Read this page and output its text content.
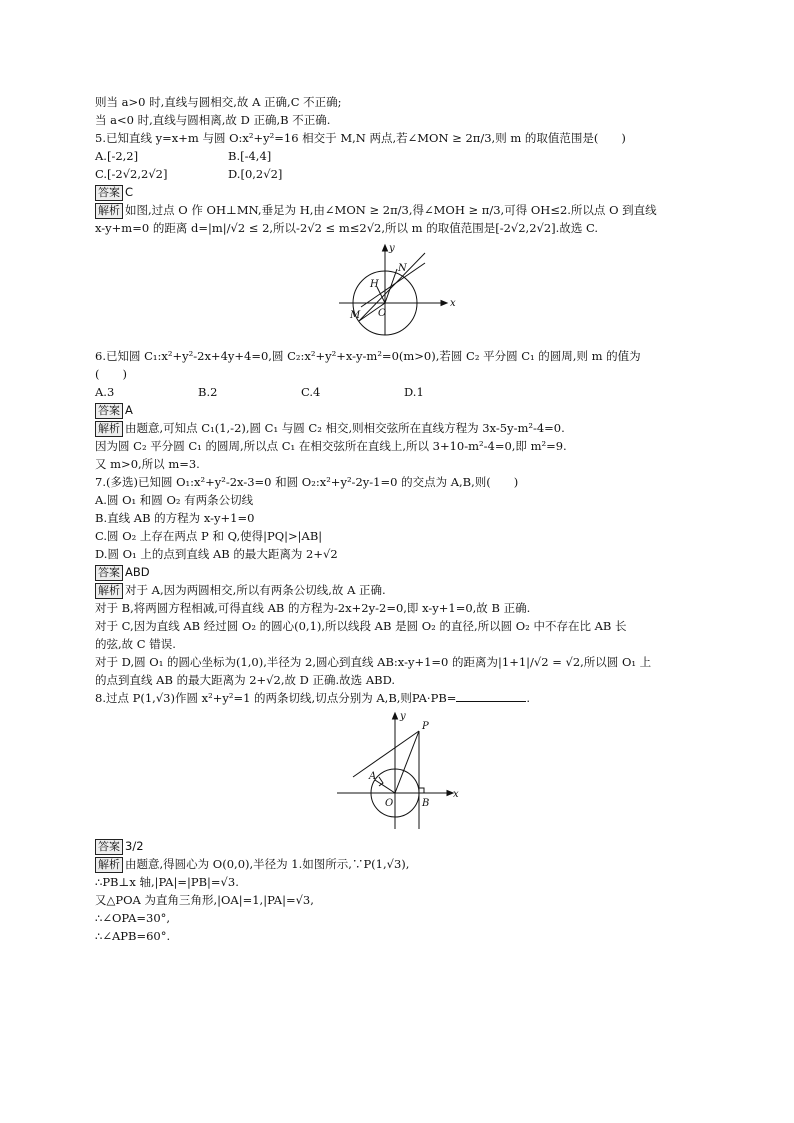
则当 a>0 时,直线与圆相交,故 A 正确,C 不正确;
当 a<0 时,直线与圆相离,故 D 正确,B 不正确.
5.已知直线 y=x+m 与圆 O:x²+y²=16 相交于 M,N 两点,若∠MON ≥ 2π/3,则 m 的取值范围是(　　)
A.[-2,2]	B.[-4,4]
C.[-2√2,2√2]	D.[0,2√2]
答案 C
解析 如图,过点 O 作 OH⊥MN,垂足为 H,由∠MON ≥ 2π/3,得∠MOH ≥ π/3,可得 OH≤2.所以点 O 到直线
x-y+m=0 的距离 d=|m|/√2 ≤ 2,所以-2√2 ≤ m≤2√2,所以 m 的取值范围是[-2√2,2√2].故选 C.
x
y
N
H
M O
6.已知圆 C₁:x²+y²-2x+4y+4=0,圆 C₂:x²+y²+x-y-m²=0(m>0),若圆 C₂ 平分圆 C₁ 的圆周,则 m 的值为
(　　)
A.3	B.2	C.4	D.1
答案 A
解析 由题意,可知点 C₁(1,-2),圆 C₁ 与圆 C₂ 相交,则相交弦所在直线方程为 3x-5y-m²-4=0.
因为圆 C₂ 平分圆 C₁ 的圆周,所以点 C₁ 在相交弦所在直线上,所以 3+10-m²-4=0,即 m²=9.
又 m>0,所以 m=3.
7.(多选)已知圆 O₁:x²+y²-2x-3=0 和圆 O₂:x²+y²-2y-1=0 的交点为 A,B,则(　　)
A.圆 O₁ 和圆 O₂ 有两条公切线
B.直线 AB 的方程为 x-y+1=0
C.圆 O₂ 上存在两点 P 和 Q,使得|PQ|>|AB|
D.圆 O₁ 上的点到直线 AB 的最大距离为 2+√2
答案 ABD
解析 对于 A,因为两圆相交,所以有两条公切线,故 A 正确.
对于 B,将两圆方程相减,可得直线 AB 的方程为-2x+2y-2=0,即 x-y+1=0,故 B 正确.
对于 C,因为直线 AB 经过圆 O₂ 的圆心(0,1),所以线段 AB 是圆 O₂ 的直径,所以圆 O₂ 中不存在比 AB 长
的弦,故 C 错误.
对于 D,圆 O₁ 的圆心坐标为(1,0),半径为 2,圆心到直线 AB:x-y+1=0 的距离为|1+1|/√2 = √2,所以圆 O₁ 上
的点到直线 AB 的最大距离为 2+√2,故 D 正确.故选 ABD.
8.过点 P(1,√3)作圆 x²+y²=1 的两条切线,切点分别为 A,B,则PA·PB=	.
x
y
P
A
O	B
答案 3/2
解析 由题意,得圆心为 O(0,0),半径为 1.如图所示,∵P(1,√3),
∴PB⊥x 轴,|PA|=|PB|=√3.
又△POA 为直角三角形,|OA|=1,|PA|=√3,
∴∠OPA=30°,
∴∠APB=60°.
